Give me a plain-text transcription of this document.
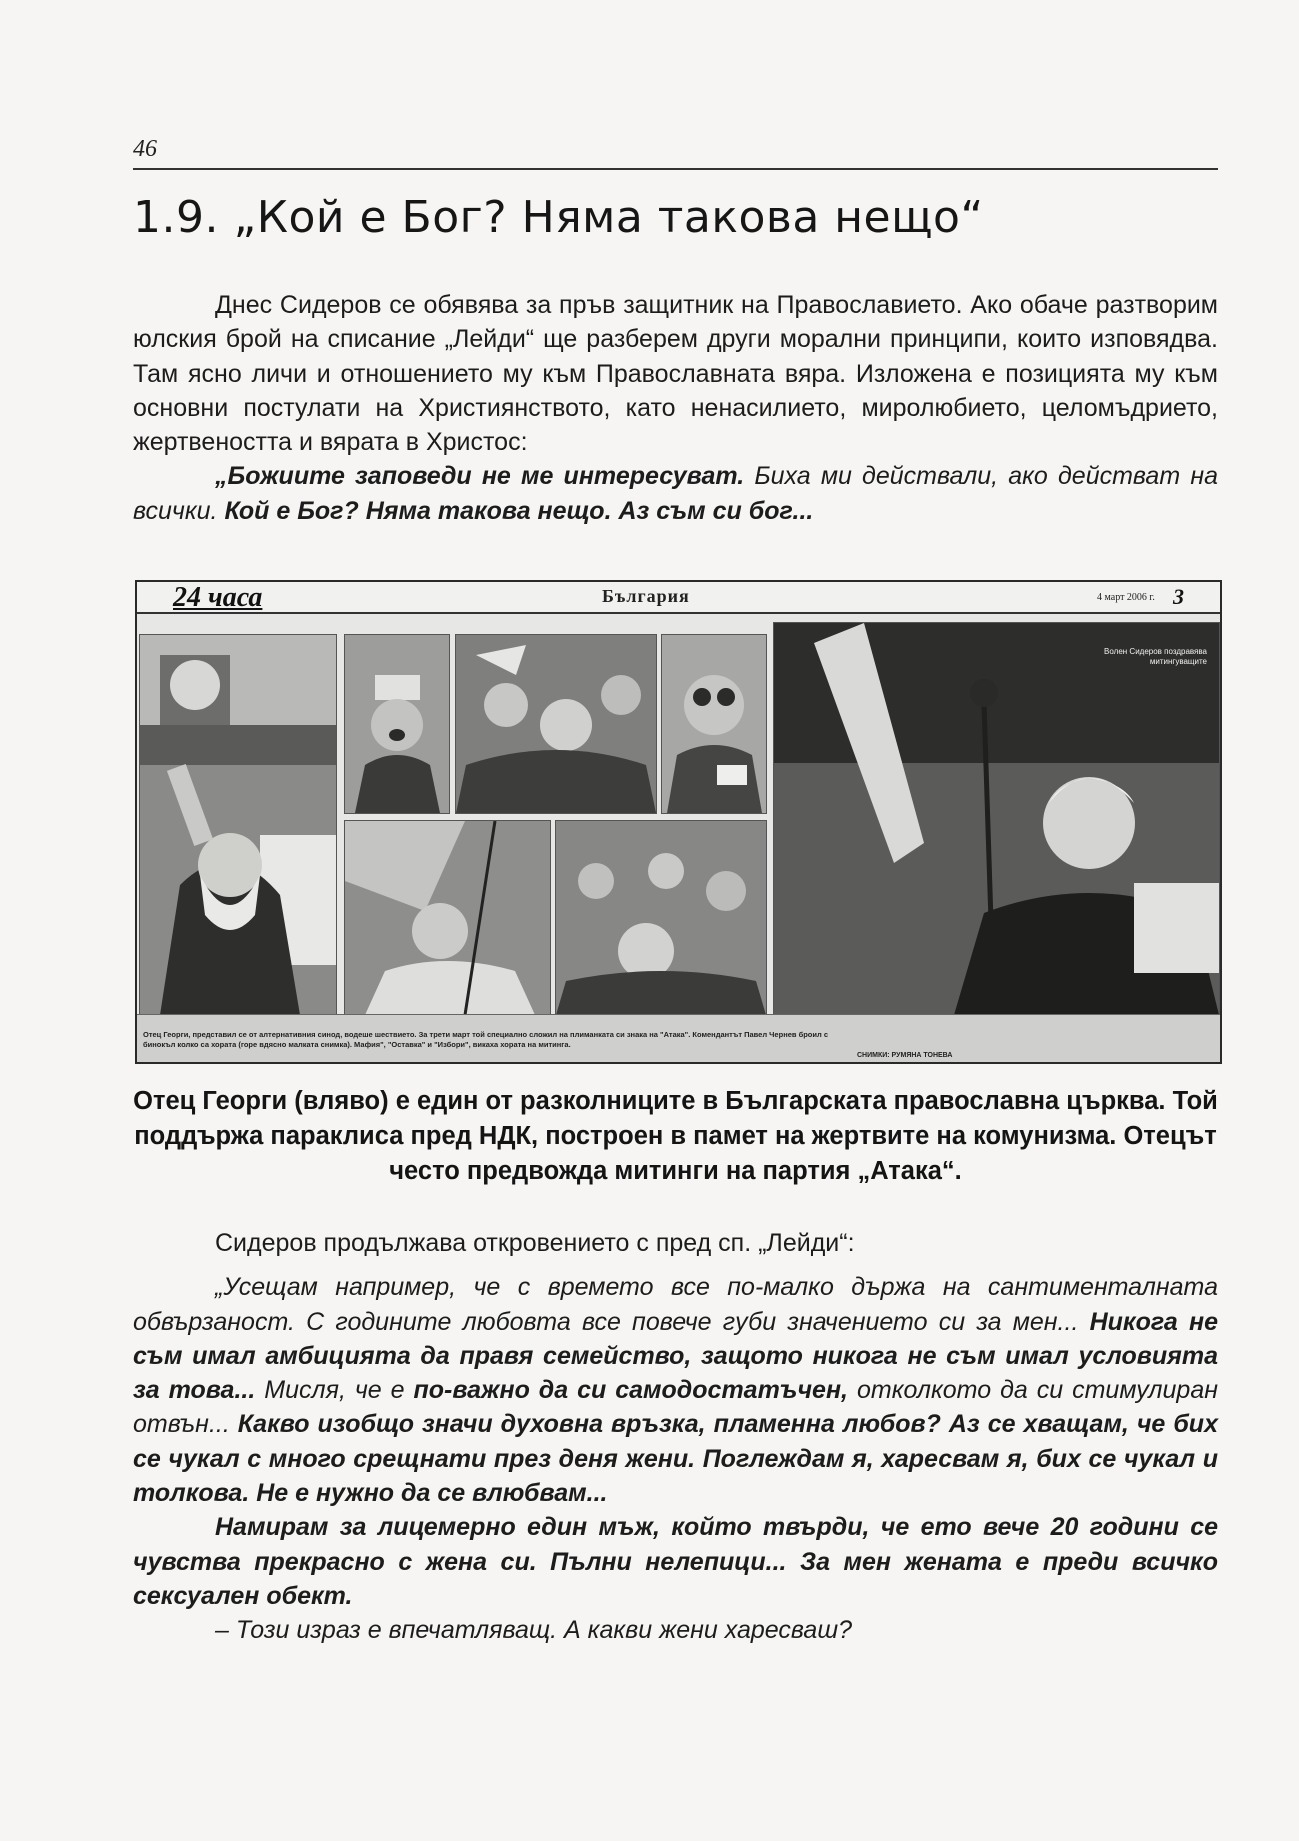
46
1.9. „Кой е Бог? Няма такова нещо“

Днес Сидеров се обявява за пръв защитник на Православието. Ако обаче разтворим юлския брой на списание „Лейди“ ще разберем други морални принципи, които изповядва. Там ясно личи и отношението му към Православната вяра. Изложена е позицията му към основни постулати на Християнството, като ненасилието, миролюбието, целомъдрието, жертвеността и вярата в Христос:

„Божиите заповеди не ме интересуват. Биха ми действали, ако действат на всички. Кой е Бог? Няма такова нещо. Аз съм си бог...

24 часа	България	4 март 2006 г. 3
Волен Сидеров поздравява митингуващите
Отец Георги, представил се от алтернативния синод, водеше шествието. За трети март той специално сложил на плиманката си знака на "Атака". Комендантът Павел Чернев броил с бинокъл колко са хората (горе вдясно малката снимка). Мафия", "Оставка" и "Избори", викаха хората на митинга.
СНИМКИ: РУМЯНА ТОНЕВА
Отец Георги (вляво) е един от разколниците в Българската православна църква. Той поддържа параклиса пред НДК, построен в памет на жертвите на комунизма. Отецът често предвожда митинги на партия „Атака“.

Сидеров продължава откровението с пред сп. „Лейди“:

„Усещам например, че с времето все по-малко държа на сантименталната обвързаност. С годините любовта все повече губи значението си за мен... Никога не съм имал амбицията да правя семейство, защото никога не съм имал условията за това... Мисля, че е по-важно да си самодостатъчен, отколкото да си стимулиран отвън... Какво изобщо значи духовна връзка, пламенна любов? Аз се хващам, че бих се чукал с много срещнати през деня жени. Поглеждам я, харесвам я, бих се чукал и толкова. Не е нужно да се влюбвам...

Намирам за лицемерно един мъж, който твърди, че ето вече 20 години се чувства прекрасно с жена си. Пълни нелепици... За мен жената е преди всичко сексуален обект.

– Този израз е впечатляващ. А какви жени харесваш?
